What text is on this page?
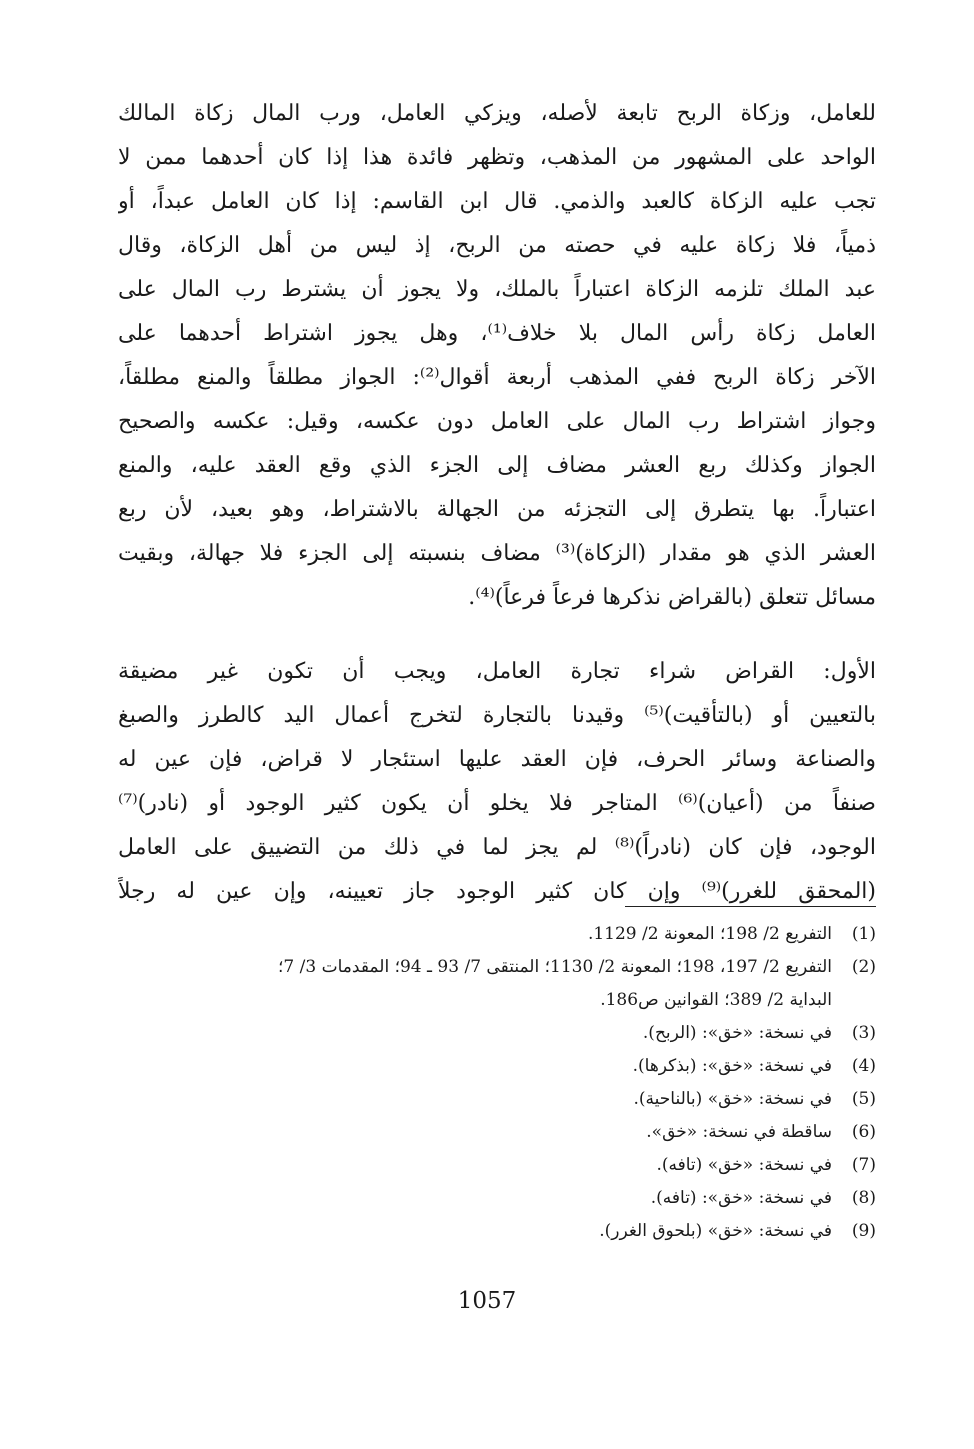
للعامل، وزكاة الربح تابعة لأصله، ويزكي العامل، ورب المال زكاة المالك
الواحد على المشهور من المذهب، وتظهر فائدة هذا إذا كان أحدهما ممن لا
تجب عليه الزكاة كالعبد والذمي. قال ابن القاسم: إذا كان العامل عبداً، أو
ذمياً، فلا زكاة عليه في حصته من الربح، إذ ليس من أهل الزكاة، وقال
عبد الملك تلزمه الزكاة اعتباراً بالملك، ولا يجوز أن يشترط رب المال على
العامل زكاة رأس المال بلا خلاف⁽¹⁾، وهل يجوز اشتراط أحدهما على
الآخر زكاة الربح ففي المذهب أربعة أقوال⁽²⁾: الجواز مطلقاً والمنع مطلقاً،
وجواز اشتراط رب المال على العامل دون عكسه، وقيل: عكسه والصحيح
الجواز وكذلك ربع العشر مضاف إلى الجزء الذي وقع العقد عليه، والمنع
اعتباراً. بها يتطرق إلى التجزئه من الجهالة بالاشتراط، وهو بعيد، لأن ربع
العشر الذي هو مقدار (الزكاة)⁽³⁾ مضاف بنسبته إلى الجزء فلا جهالة، وبقيت
مسائل تتعلق (بالقراض نذكرها فرعاً فرعاً)⁽⁴⁾.
الأول: القراض شراء تجارة العامل، ويجب أن تكون غير مضيقة
بالتعيين أو (بالتأقيت)⁽⁵⁾ وقيدنا بالتجارة لتخرج أعمال اليد كالطرز والصبغ
والصناعة وسائر الحرف، فإن العقد عليها استئجار لا قراض، فإن عين له
صنفاً من (أعيان)⁽⁶⁾ المتاجر فلا يخلو أن يكون كثير الوجود أو (نادر)⁽⁷⁾
الوجود، فإن كان (نادراً)⁽⁸⁾ لم يجز لما في ذلك من التضييق على العامل
(المحقق للغرر)⁽⁹⁾ وإن كان كثير الوجود جاز تعيينه، وإن عين له رجلاً
(1)
التفريع 2/ 198؛ المعونة 2/ 1129.
(2)
التفريع 2/ 197، 198؛ المعونة 2/ 1130؛ المنتقى 7/ 93 ـ 94؛ المقدمات 3/ 7؛
البداية 2/ 389؛ القوانين ص186.
(3)
في نسخة: «خق»: (الربح).
(4)
في نسخة: «خق»: (بذكرها).
(5)
في نسخة: «خق» (بالناحية).
(6)
ساقطة في نسخة: «خق».
(7)
في نسخة: «خق» (تافه).
(8)
في نسخة: «خق»: (تافه).
(9)
في نسخة: «خق» (بلحوق الغرر).
1057
